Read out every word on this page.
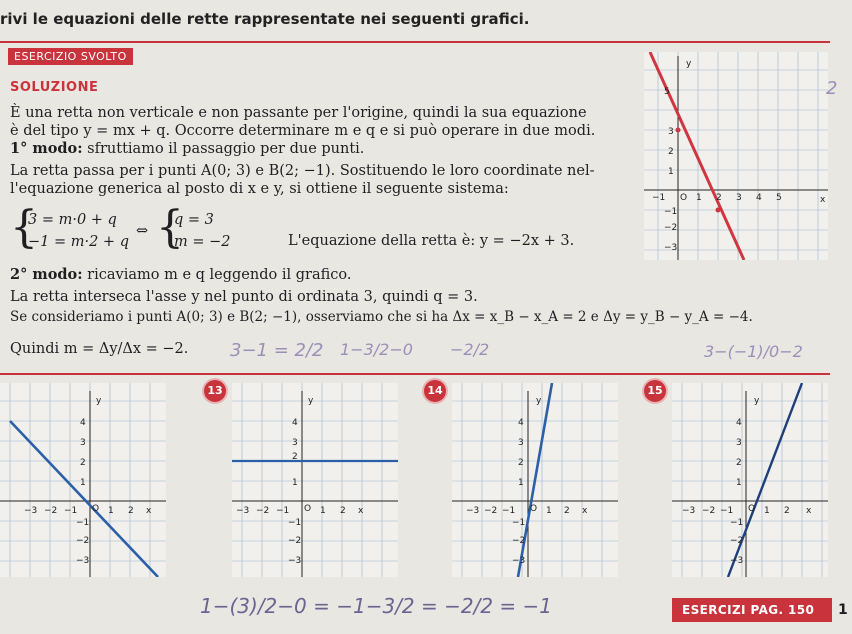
rivi le equazioni delle rette rappresentate nei seguenti grafici.
ESERCIZIO SVOLTO
SOLUZIONE
È una retta non verticale e non passante per l'origine, quindi la sua equazione
è del tipo y = mx + q. Occorre determinare m e q e si può operare in due modi.
1° modo: sfruttiamo il passaggio per due punti.
La retta passa per i punti A(0; 3) e B(2; −1). Sostituendo le loro coordinate nel-
l'equazione generica al posto di x e y, si ottiene il seguente sistema:
{
3 = m·0 + q
−1 = m·2 + q
⇔ {
q = 3
m = −2	L'equazione della retta è: y = −2x + 3.
2° modo: ricaviamo m e q leggendo il grafico.
La retta interseca l'asse y nel punto di ordinata 3, quindi q = 3.
Se consideriamo i punti A(0; 3) e B(2; −1), osserviamo che si ha Δx = x_B − x_A = 2 e Δy = y_B − y_A = −4.
Quindi m = Δy/Δx = −2.
y
x
O
5
3
2
1
−1
−2
−3
−1	1 2 3 4 5
13	14	15
y
x
O
4
3
2
1
−1
−2
−3
−3 −2 −1	1 2
y
x
O
4
3
2
1
−1
−2
−3
−3 −2 −1	1 2
y
x
O
4
3
2
1
−1
−2
−3
−3 −2 −1	1 2
y
x
O
4
3
2
1
−1
−2
−3
−3 −2 −1	1 2
3−1 = 2/2 1−3/2−0 −2/2	3−(−1)/0−2
1−(3)/2−0 = −1−3/2 = −2/2 = −1
2
ESERCIZI PAG. 150	1
